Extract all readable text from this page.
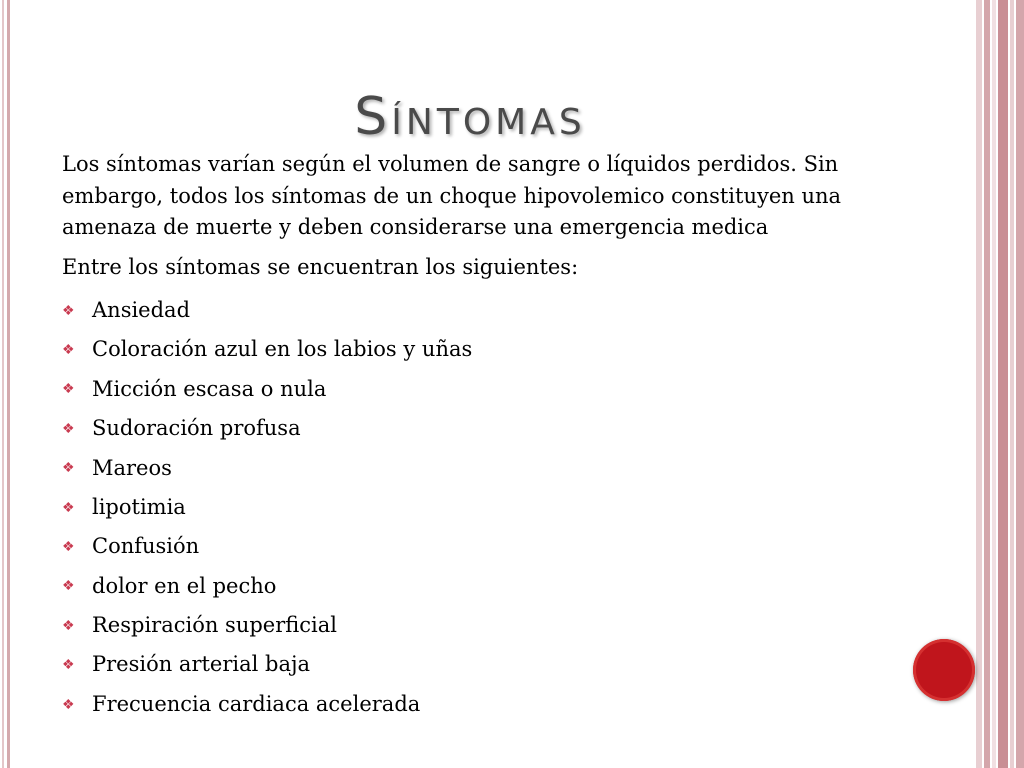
Síntomas

Los síntomas varían según el volumen de sangre o líquidos perdidos. Sin embargo, todos los síntomas de un choque hipovolemico constituyen una amenaza de muerte y deben considerarse una emergencia medica

Entre los síntomas se encuentran los siguientes:

❖ Ansiedad
❖ Coloración azul en los labios y uñas
❖ Micción escasa o nula
❖ Sudoración profusa
❖ Mareos
❖ lipotimia
❖ Confusión
❖ dolor en el pecho
❖ Respiración superficial
❖ Presión arterial baja
❖ Frecuencia cardiaca acelerada
